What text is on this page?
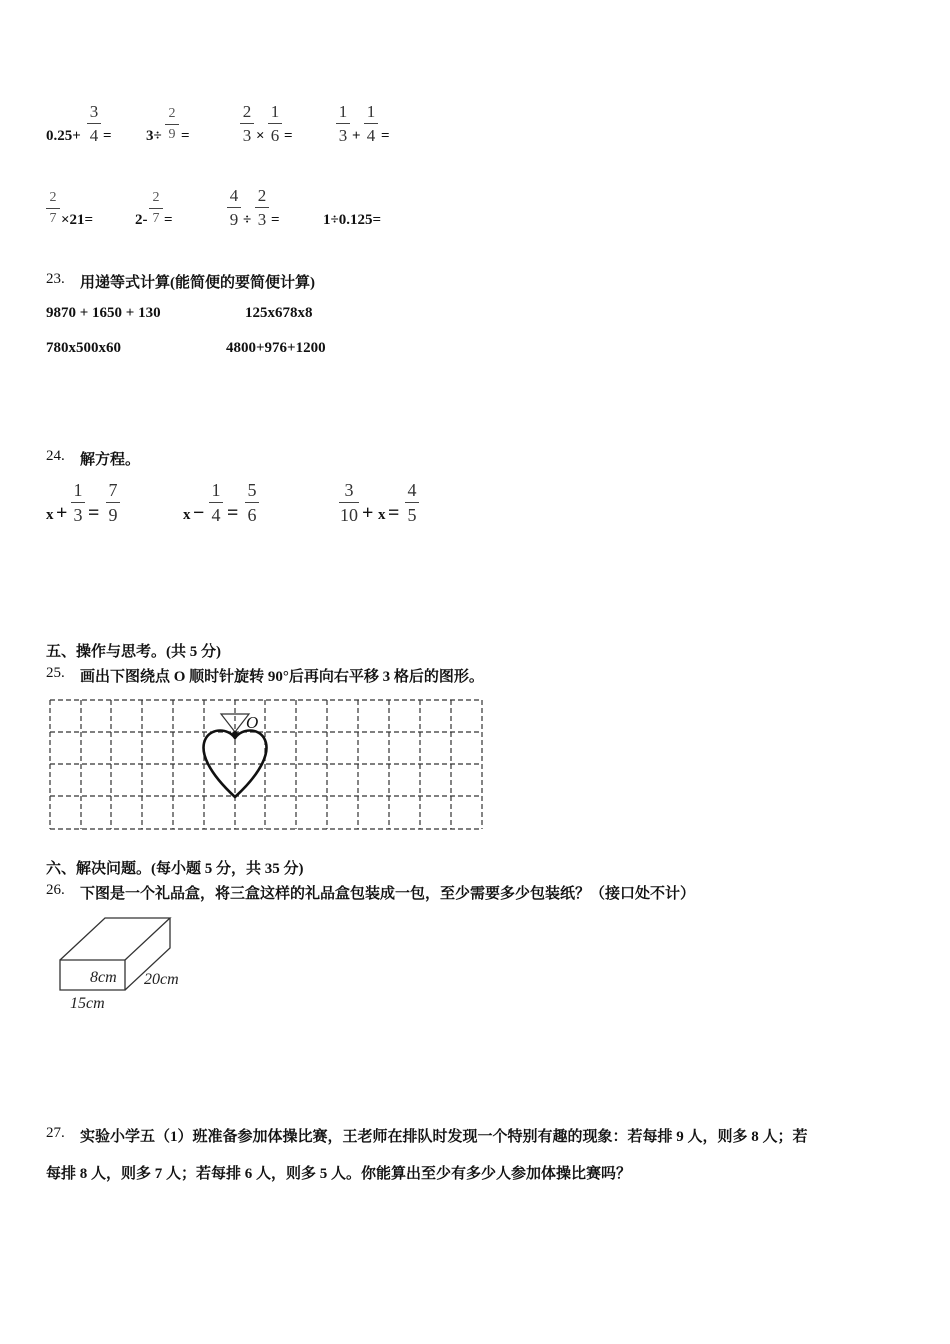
0.25+
3
4 = 3÷
2
9 =
2
3 ×
1
6 =
1
3 +
1
4 =
2
7 ×21=	2-
2
7 =
4
9 ÷
2
3 =	1÷0.125=
23. 用递等式计算(能简便的要简便计算)
9870 + 1650 + 130	125x678x8
780x500x60	4800+976+1200
24. 解方程。
x +
1
3 =
7
9	x −
1
4 =
5
6
3
10 + x =
4
5
五、操作与思考。(共 5 分)
25. 画出下图绕点 O 顺时针旋转 90°后再向右平移 3 格后的图形。
O
六、解决问题。(每小题 5 分，共 35 分)
26. 下图是一个礼品盒，将三盒这样的礼品盒包装成一包，至少需要多少包装纸？（接口处不计）
8cm 20cm
15cm
27. 实验小学五（1）班准备参加体操比赛，王老师在排队时发现一个特别有趣的现象：若每排 9 人，则多 8 人；若
每排 8 人，则多 7 人；若每排 6 人，则多 5 人。你能算出至少有多少人参加体操比赛吗？
